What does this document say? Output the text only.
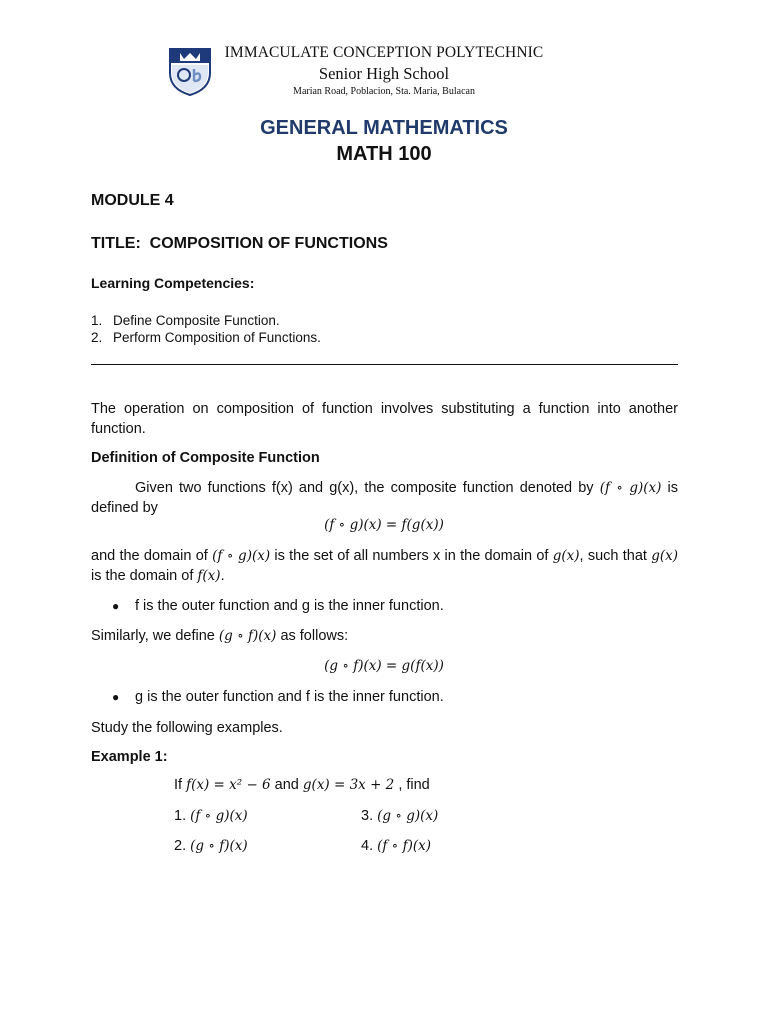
IMMACULATE CONCEPTION POLYTECHNIC
Senior High School
Marian Road, Poblacion, Sta. Maria, Bulacan
GENERAL MATHEMATICS
MATH 100
MODULE 4
TITLE:  COMPOSITION OF FUNCTIONS
Learning Competencies:
1. Define Composite Function.
2. Perform Composition of Functions.
The operation on composition of function involves substituting a function into another function.
Definition of Composite Function
Given two functions f(x) and g(x), the composite function denoted by (𝑓 ∘ 𝑔)(𝑥) is defined by
(𝑓 ∘ g)(𝑥) = 𝑓(𝑔(𝑥))
and the domain of (𝑓 ∘ 𝑔)(𝑥) is the set of all numbers x in the domain of 𝑔(𝑥), such that 𝑔(𝑥) is the domain of 𝑓(𝑥).
● f is the outer function and g is the inner function.
Similarly, we define (𝑔 ∘ 𝑓)(𝑥) as follows:
(𝑔 ∘ 𝑓)(𝑥) = 𝑔(𝑓(𝑥))
● g is the outer function and f is the inner function.
Study the following examples.
Example 1:
If 𝑓(𝑥) = 𝑥² − 6 and 𝑔(𝑥) = 3𝑥 + 2 , find
1. (𝑓 ∘ 𝑔)(𝑥)
2. (𝑔 ∘ 𝑓)(𝑥)
3. (𝑔 ∘ 𝑔)(𝑥)
4. (𝑓 ∘ 𝑓)(𝑥)
